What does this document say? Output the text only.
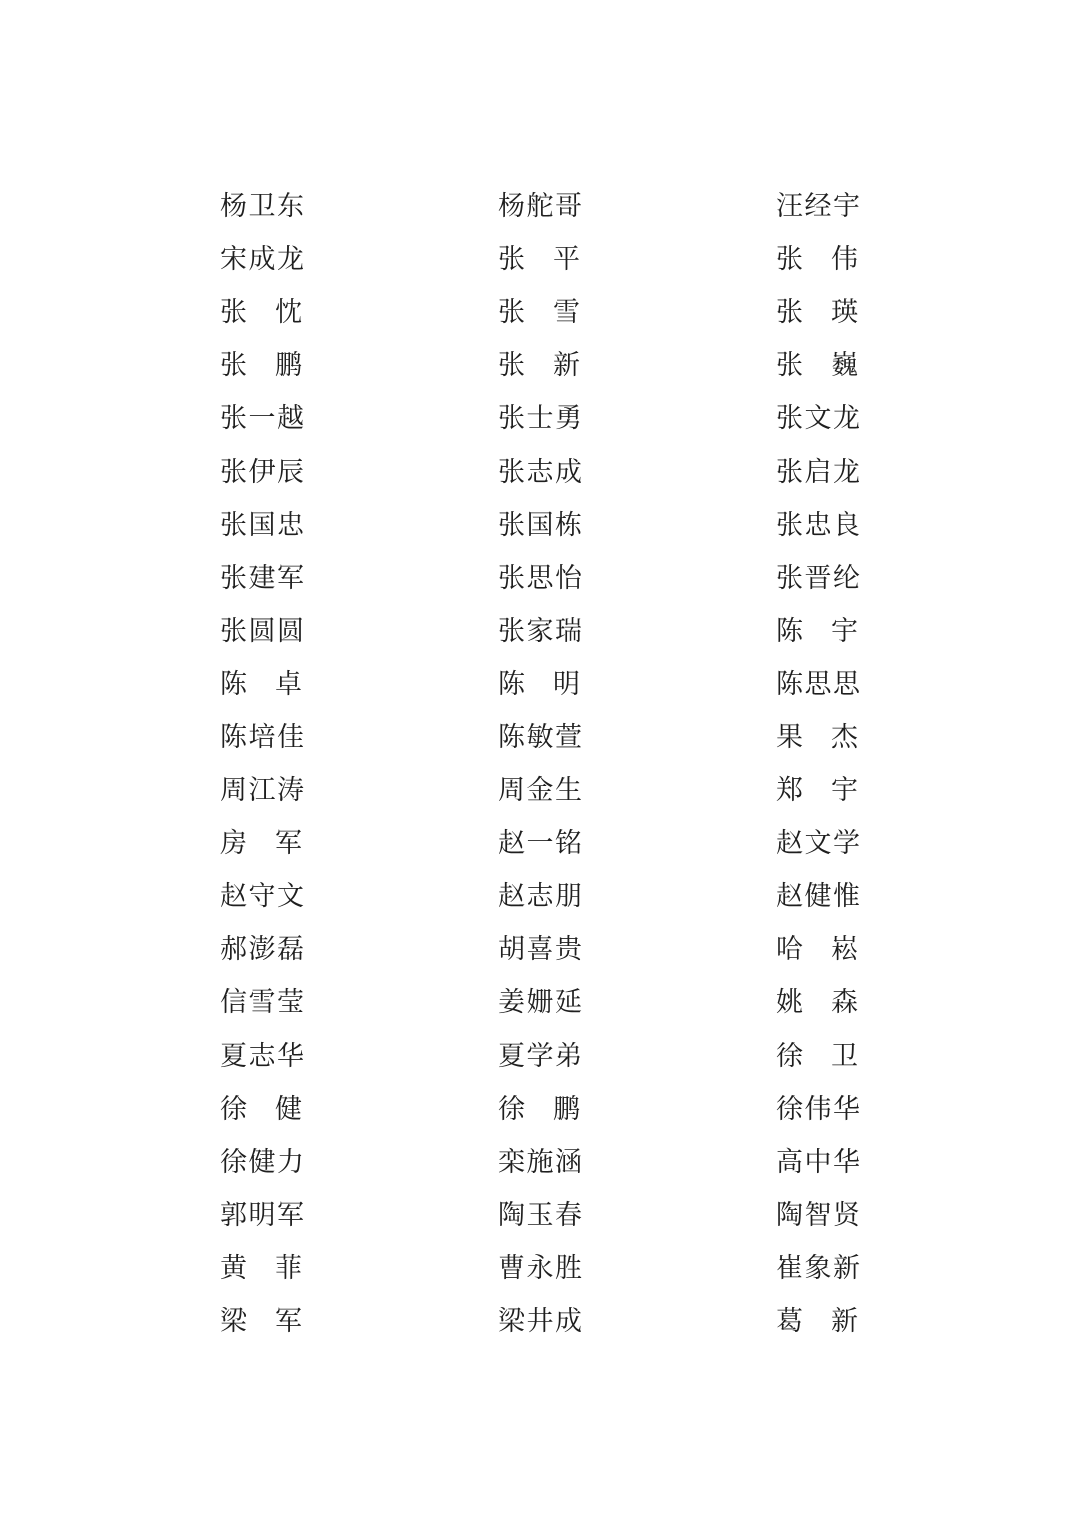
杨卫东	杨舵哥	汪经宇
宋成龙	张 平	张 伟
张 忱	张 雪	张 瑛
张 鹏	张 新	张 巍
张一越	张士勇	张文龙
张伊辰	张志成	张启龙
张国忠	张国栋	张忠良
张建军	张思怡	张晋纶
张圆圆	张家瑞	陈 宇
陈 卓	陈 明	陈思思
陈培佳	陈敏萱	果 杰
周江涛	周金生	郑 宇
房 军	赵一铭	赵文学
赵守文	赵志朋	赵健惟
郝澎磊	胡喜贵	哈 崧
信雪莹	姜姗延	姚 森
夏志华	夏学弟	徐 卫
徐 健	徐 鹏	徐伟华
徐健力	栾施涵	高中华
郭明军	陶玉春	陶智贤
黄 菲	曹永胜	崔象新
梁 军	梁井成	葛 新
